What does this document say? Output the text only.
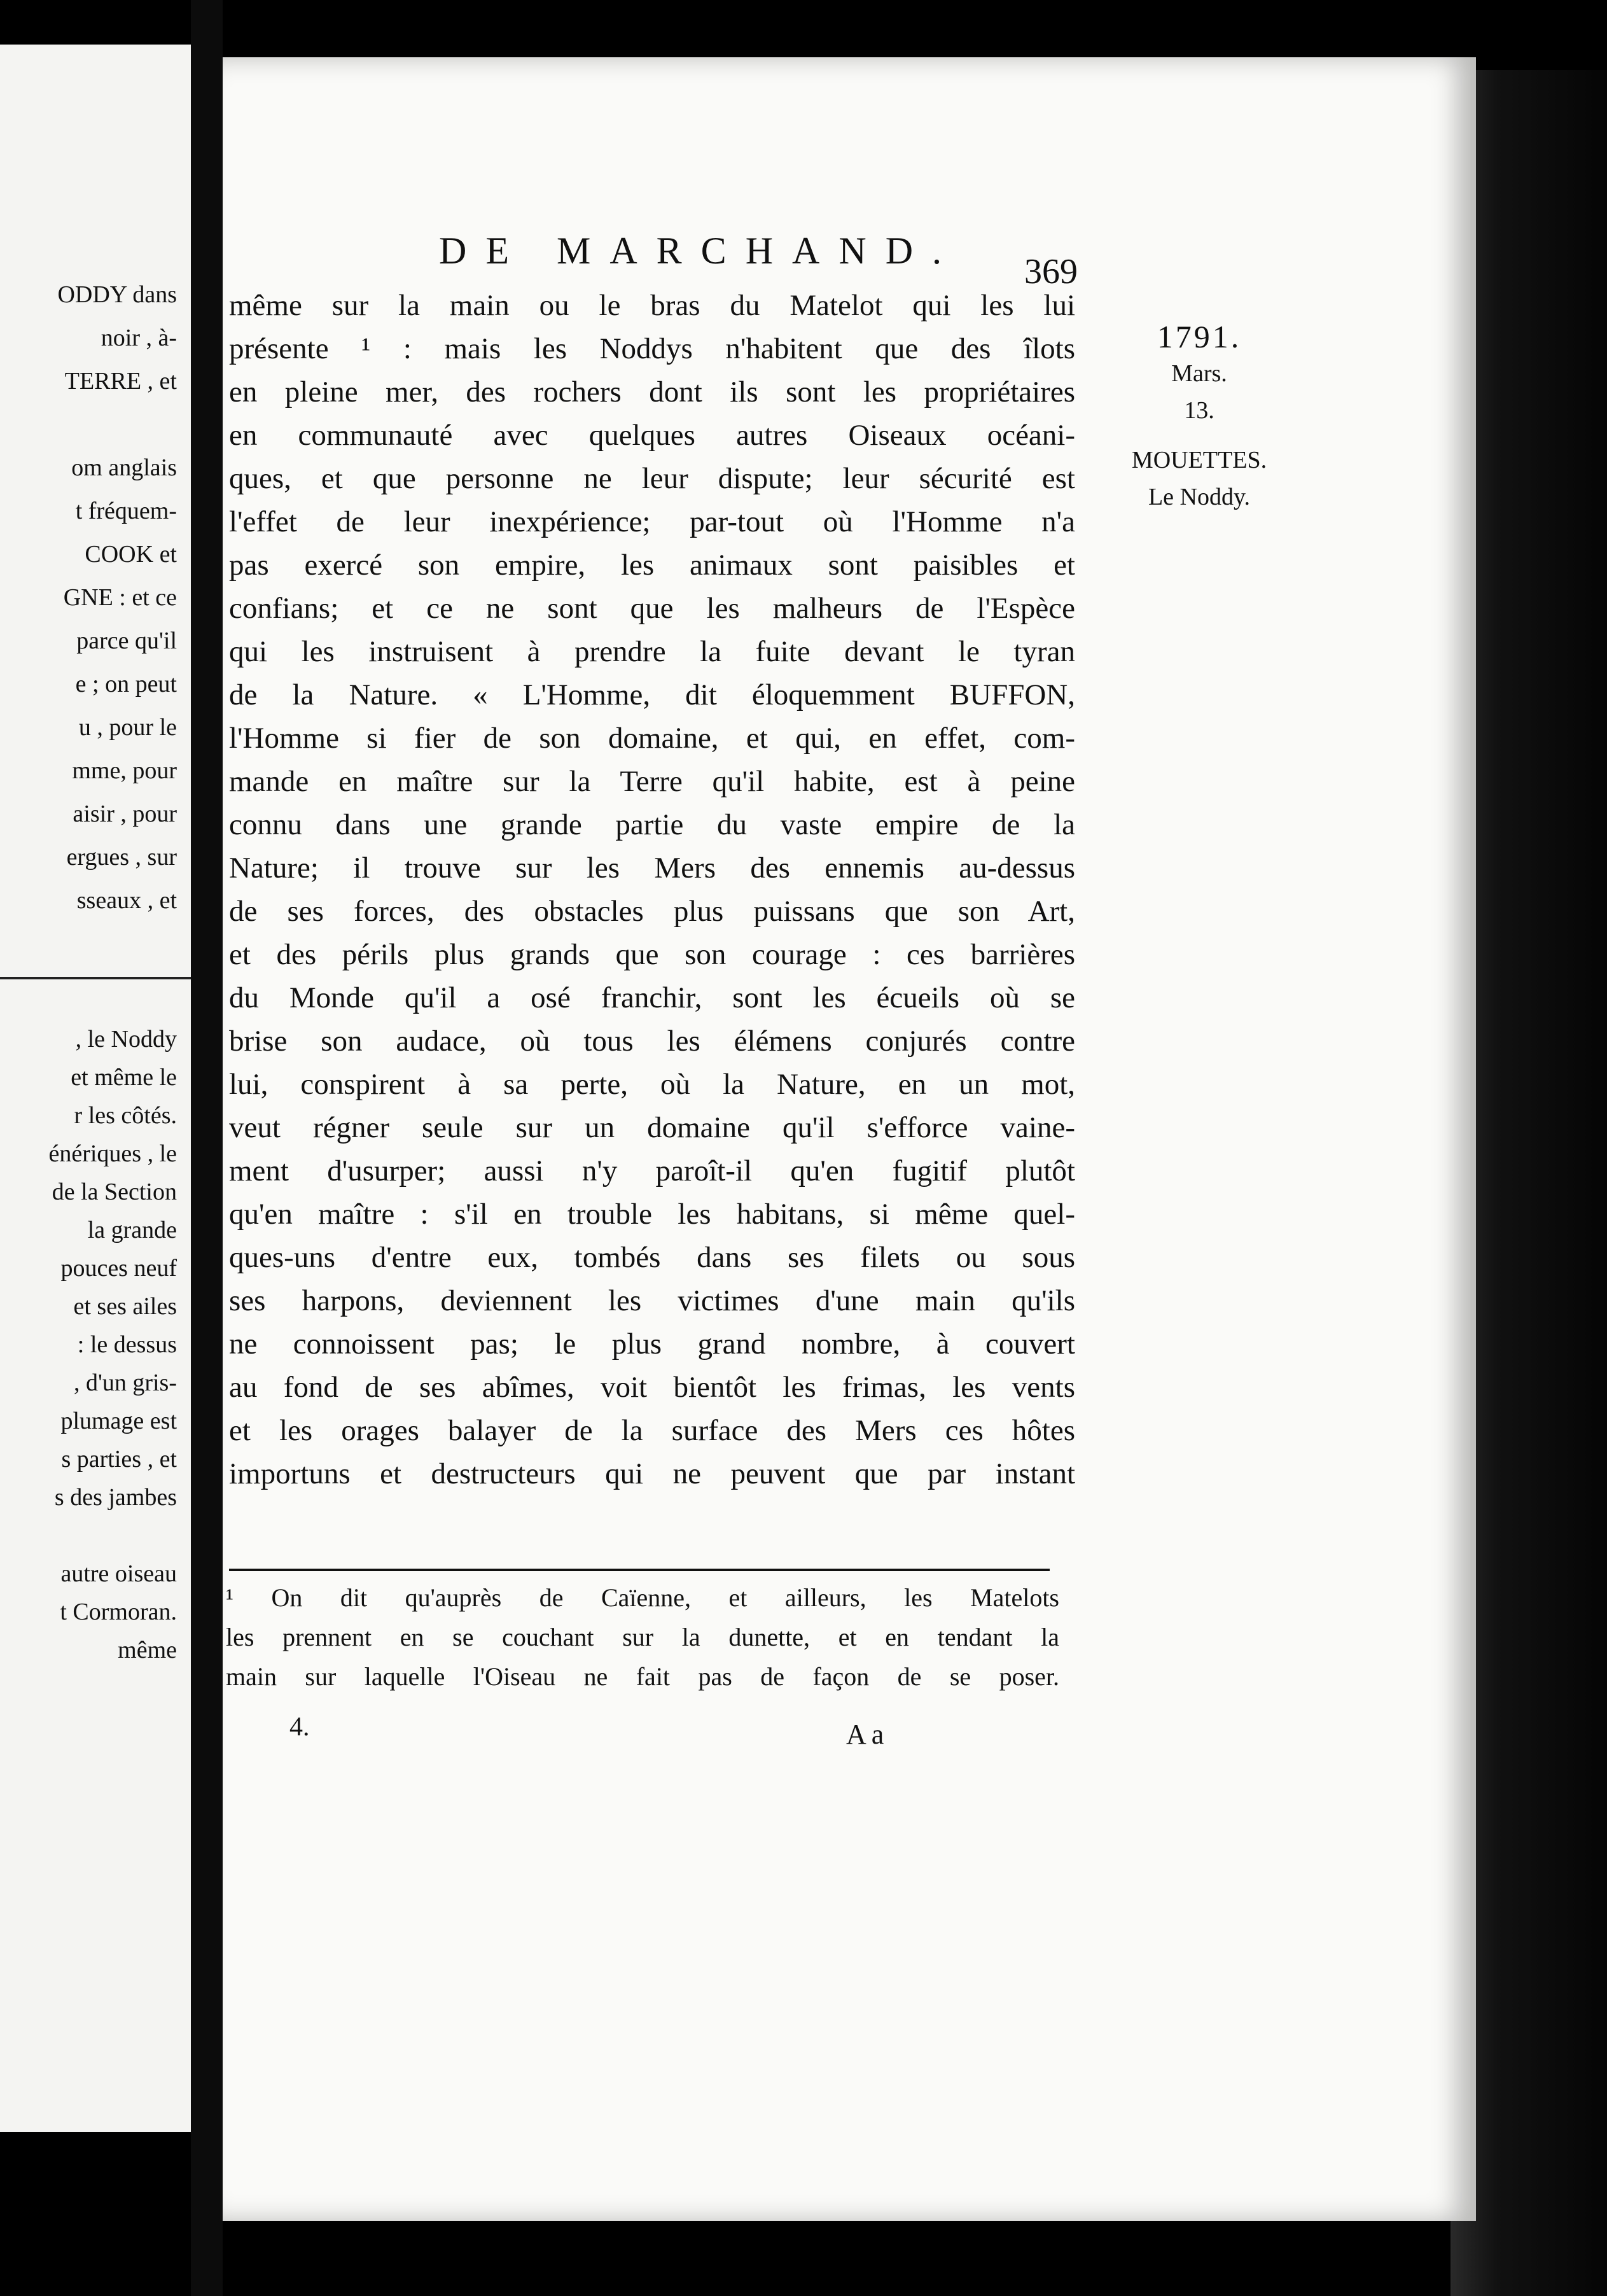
ODDY dans
noir , à-
TERRE , et
om anglais
t fréquem-
COOK et
GNE : et ce
parce qu'il
e ; on peut
u , pour le
mme, pour
aisir , pour
ergues , sur
sseaux , et
, le Noddy
et même le
r les côtés.
énériques , le
de la Section
la grande
pouces neuf
et ses ailes
: le dessus
, d'un gris-
plumage est
s parties , et
s des jambes
autre oiseau
t Cormoran.
même
DE MARCHAND. 369
1791.
Mars.
13.
MOUETTES.
Le Noddy.
même sur la main ou le bras du Matelot qui les lui
présente ¹ : mais les Noddys n'habitent que des îlots
en pleine mer, des rochers dont ils sont les propriétaires
en communauté avec quelques autres Oiseaux océani-
ques, et que personne ne leur dispute; leur sécurité est
l'effet de leur inexpérience; par-tout où l'Homme n'a
pas exercé son empire, les animaux sont paisibles et
confians; et ce ne sont que les malheurs de l'Espèce
qui les instruisent à prendre la fuite devant le tyran
de la Nature. « L'Homme, dit éloquemment BUFFON,
l'Homme si fier de son domaine, et qui, en effet, com-
mande en maître sur la Terre qu'il habite, est à peine
connu dans une grande partie du vaste empire de la
Nature; il trouve sur les Mers des ennemis au-dessus
de ses forces, des obstacles plus puissans que son Art,
et des périls plus grands que son courage : ces barrières
du Monde qu'il a osé franchir, sont les écueils où se
brise son audace, où tous les élémens conjurés contre
lui, conspirent à sa perte, où la Nature, en un mot,
veut régner seule sur un domaine qu'il s'efforce vaine-
ment d'usurper; aussi n'y paroît-il qu'en fugitif plutôt
qu'en maître : s'il en trouble les habitans, si même quel-
ques-uns d'entre eux, tombés dans ses filets ou sous
ses harpons, deviennent les victimes d'une main qu'ils
ne connoissent pas; le plus grand nombre, à couvert
au fond de ses abîmes, voit bientôt les frimas, les vents
et les orages balayer de la surface des Mers ces hôtes
importuns et destructeurs qui ne peuvent que par instant
¹ On dit qu'auprès de Caïenne, et ailleurs, les Matelots
les prennent en se couchant sur la dunette, et en tendant la
main sur laquelle l'Oiseau ne fait pas de façon de se poser.
4.	Aa
